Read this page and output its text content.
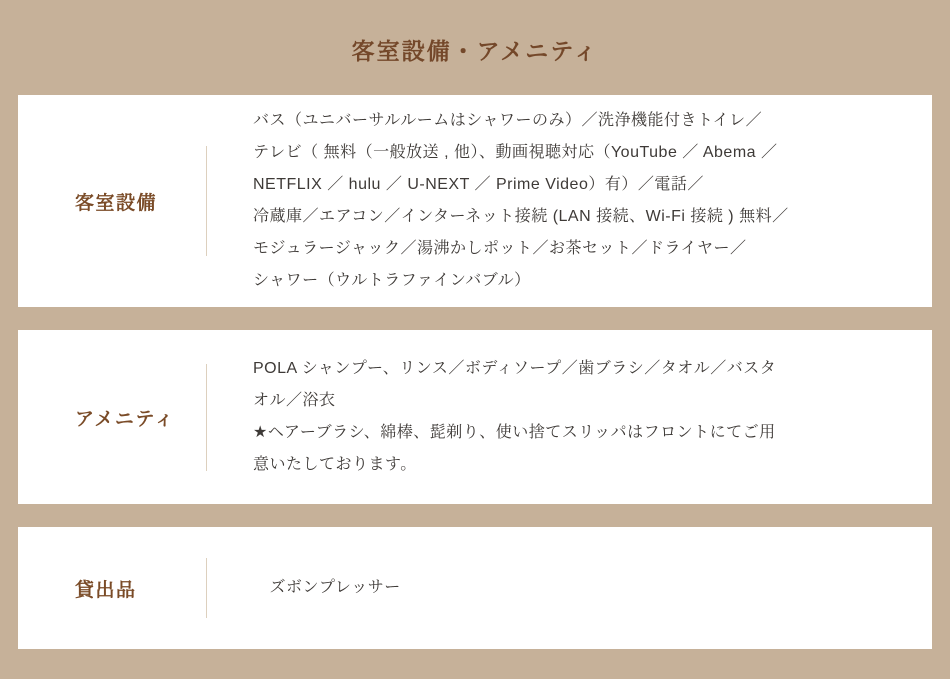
客室設備・アメニティ
客室設備
バス（ユニバーサルルームはシャワーのみ）／洗浄機能付きトイレ／
テレビ（ 無料（一般放送 , 他）、動画視聴対応（YouTube ／ Abema ／
NETFLIX ／ hulu ／ U-NEXT ／ Prime Video）有）／電話／
冷蔵庫／エアコン／インターネット接続 (LAN 接続、Wi-Fi 接続 ) 無料／
モジュラージャック／湯沸かしポット／お茶セット／ドライヤー／
シャワー（ウルトラファインバブル）
アメニティ
POLA シャンプー、リンス／ボディソープ／歯ブラシ／タオル／バスタ
オル／浴衣
★ヘアーブラシ、綿棒、髭剃り、使い捨てスリッパはフロントにてご用
意いたしております。
貸出品	　ズボンプレッサー
